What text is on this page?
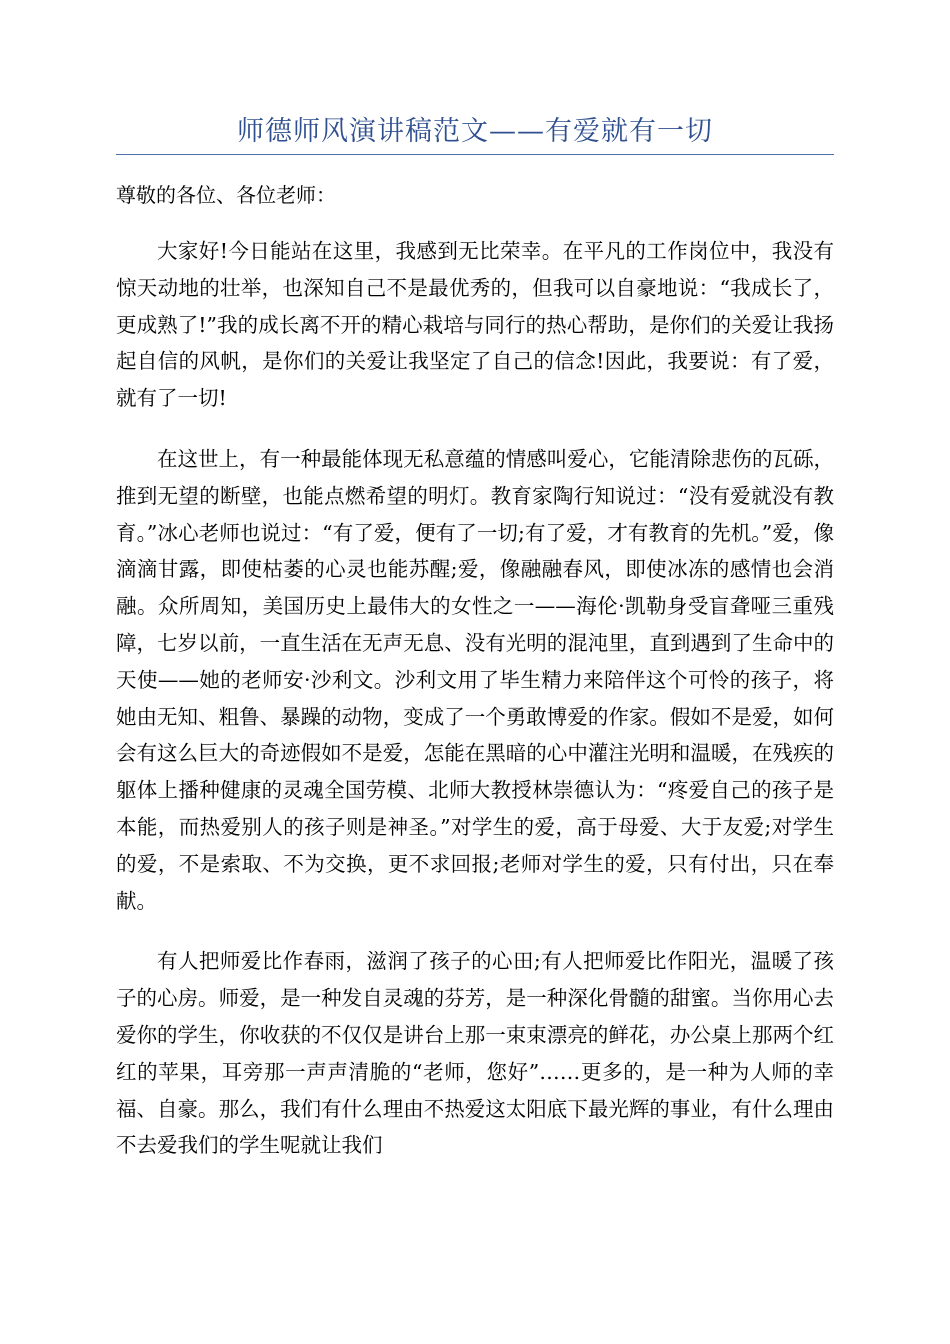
师德师风演讲稿范文——有爱就有一切
尊敬的各位、各位老师：

大家好!今日能站在这里，我感到无比荣幸。在平凡的工作岗位中，我没有惊天动地的壮举，也深知自己不是最优秀的，但我可以自豪地说：“我成长了，更成熟了!”我的成长离不开的精心栽培与同行的热心帮助，是你们的关爱让我扬起自信的风帆，是你们的关爱让我坚定了自己的信念!因此，我要说：有了爱，就有了一切!

在这世上，有一种最能体现无私意蕴的情感叫爱心，它能清除悲伤的瓦砾，推到无望的断壁，也能点燃希望的明灯。教育家陶行知说过：“没有爱就没有教育。”冰心老师也说过：“有了爱，便有了一切;有了爱，才有教育的先机。”爱，像滴滴甘露，即使枯萎的心灵也能苏醒;爱，像融融春风，即使冰冻的感情也会消融。众所周知，美国历史上最伟大的女性之一——海伦·凯勒身受盲聋哑三重残障，七岁以前，一直生活在无声无息、没有光明的混沌里，直到遇到了生命中的天使——她的老师安·沙利文。沙利文用了毕生精力来陪伴这个可怜的孩子，将她由无知、粗鲁、暴躁的动物，变成了一个勇敢博爱的作家。假如不是爱，如何会有这么巨大的奇迹假如不是爱，怎能在黑暗的心中灌注光明和温暖，在残疾的躯体上播种健康的灵魂全国劳模、北师大教授林崇德认为：“疼爱自己的孩子是本能，而热爱别人的孩子则是神圣。”对学生的爱，高于母爱、大于友爱;对学生的爱，不是索取、不为交换，更不求回报;老师对学生的爱，只有付出，只在奉献。

有人把师爱比作春雨，滋润了孩子的心田;有人把师爱比作阳光，温暖了孩子的心房。师爱，是一种发自灵魂的芬芳，是一种深化骨髓的甜蜜。当你用心去爱你的学生，你收获的不仅仅是讲台上那一束束漂亮的鲜花，办公桌上那两个红红的苹果，耳旁那一声声清脆的“老师，您好”……更多的，是一种为人师的幸福、自豪。那么，我们有什么理由不热爱这太阳底下最光辉的事业，有什么理由不去爱我们的学生呢就让我们
